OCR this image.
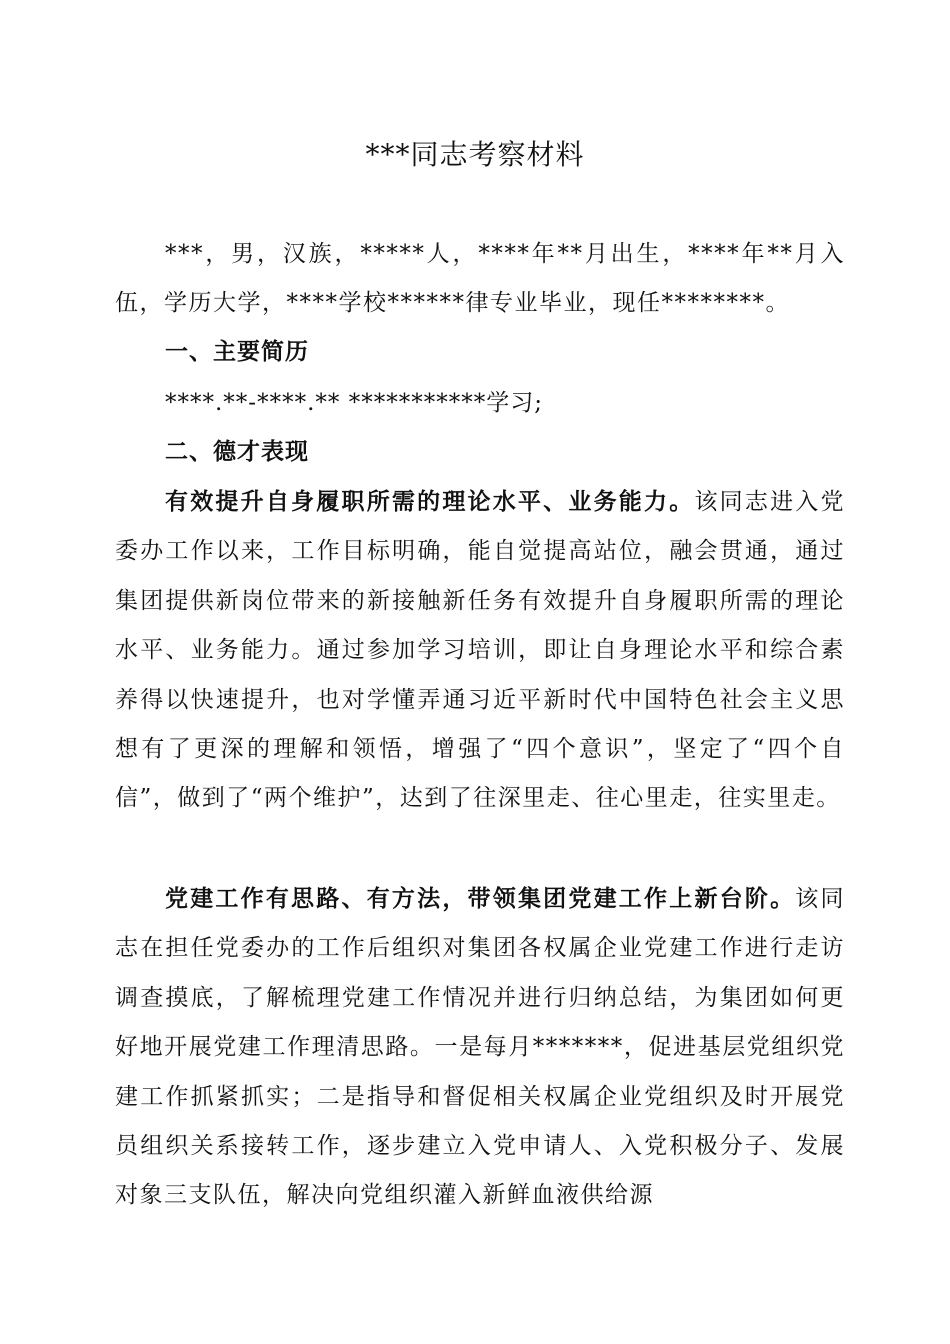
***同志考察材料

***，男，汉族，*****人，****年**月出生，****年**月入伍，学历大学，****学校******律专业毕业，现任********。

一、主要简历
****.**-****.** ***********学习;
二、德才表现

有效提升自身履职所需的理论水平、业务能力。该同志进入党委办工作以来，工作目标明确，能自觉提高站位，融会贯通，通过集团提供新岗位带来的新接触新任务有效提升自身履职所需的理论水平、业务能力。通过参加学习培训，即让自身理论水平和综合素养得以快速提升，也对学懂弄通习近平新时代中国特色社会主义思想有了更深的理解和领悟，增强了“四个意识”，坚定了“四个自信”，做到了“两个维护”，达到了往深里走、往心里走，往实里走。

党建工作有思路、有方法，带领集团党建工作上新台阶。该同志在担任党委办的工作后组织对集团各权属企业党建工作进行走访调查摸底，了解梳理党建工作情况并进行归纳总结，为集团如何更好地开展党建工作理清思路。一是每月*******，促进基层党组织党建工作抓紧抓实；二是指导和督促相关权属企业党组织及时开展党员组织关系接转工作，逐步建立入党申请人、入党积极分子、发展对象三支队伍，解决向党组织灌入新鲜血液供给源
